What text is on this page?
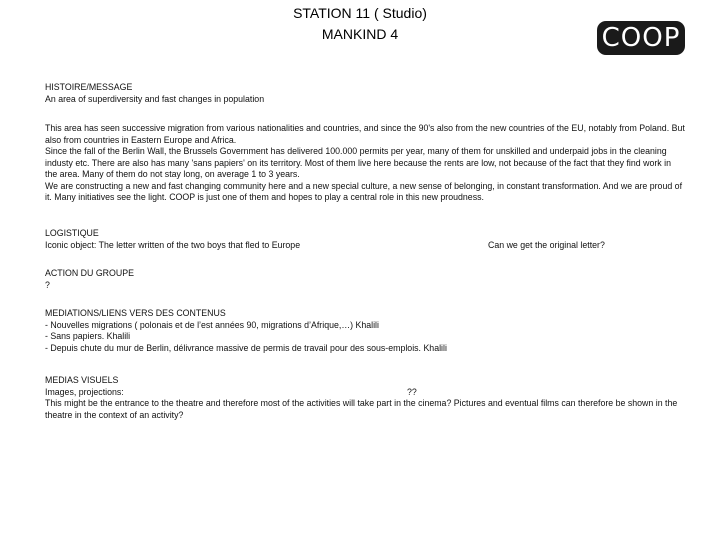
STATION 11 ( Studio)
MANKIND 4	COOP
HISTOIRE/MESSAGE
An area of superdiversity and fast changes in population

This area has seen successive migration from various nationalities and countries, and since the 90's also from the new countries of the EU, notably from Poland. But also from countries in Eastern Europe and Africa.

Since the fall of the Berlin Wall, the Brussels Government has delivered 100.000 permits per year, many of them for unskilled and underpaid jobs in the cleaning industy etc. There are also has many 'sans papiers' on its territory. Most of them live here because the rents are low, not because of the fact that they find work in the area. Many of them do not stay long, on average 1 to 3 years.

We are constructing a new and fast changing community here and a new special culture, a new sense of belonging, in constant transformation. And we are proud of it. Many initiatives see the light. COOP is just one of them and hopes to play a central role in this new proudness.

LOGISTIQUE
Iconic object: The letter written of the two boys that fled to Europe	Can we get the original letter?
ACTION DU GROUPE
?
MEDIATIONS/LIENS VERS DES CONTENUS
- Nouvelles migrations ( polonais et de l’est années 90, migrations d’Afrique,…) Khalili
- Sans papiers. Khalili
- Depuis chute du mur de Berlin, délivrance massive de permis de travail pour des sous-emplois. Khalili
MEDIAS VISUELS
Images, projections:	??

This might be the entrance to the theatre and therefore most of the activities will take part in the cinema? Pictures and eventual films can therefore be shown in the theatre in the context of an activity?
